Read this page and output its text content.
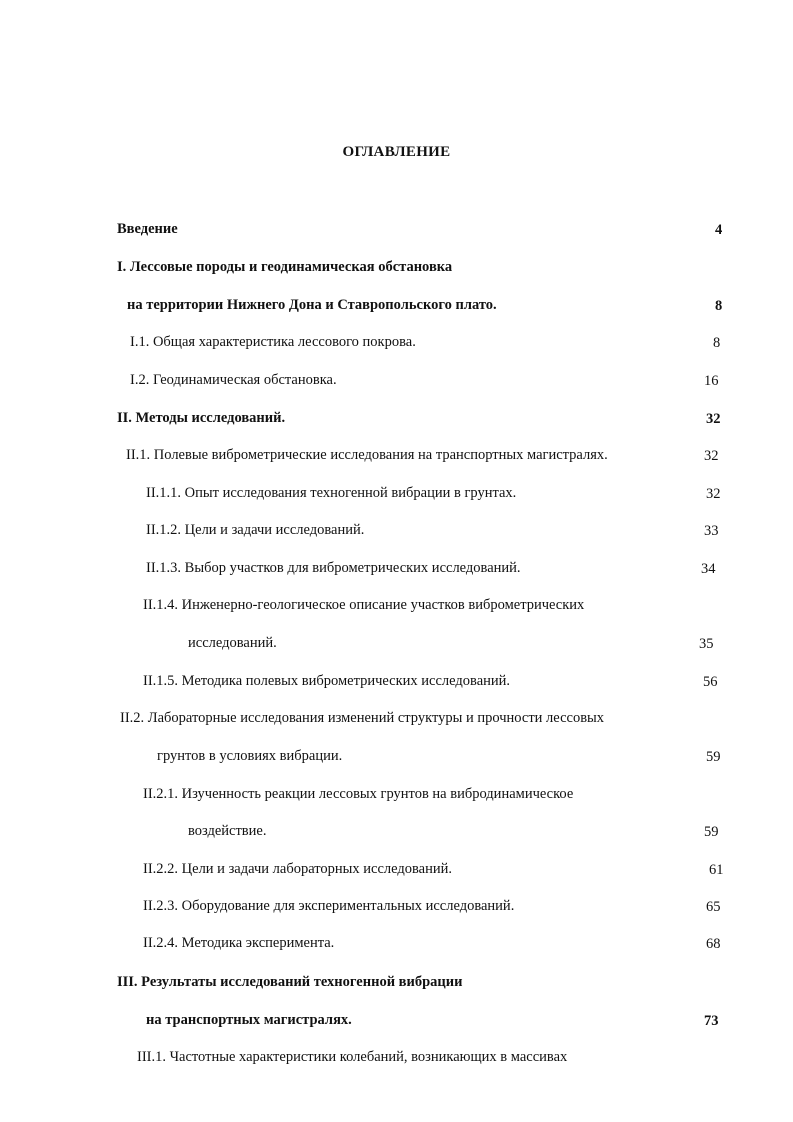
ОГЛАВЛЕНИЕ
Введение	4
I. Лессовые породы и геодинамическая обстановка
на территории Нижнего Дона и Ставропольского плато.	8
I.1. Общая характеристика лессового покрова.	8
I.2. Геодинамическая обстановка.	16
II. Методы исследований.	32
II.1. Полевые виброметрические исследования на транспортных магистралях.	32
II.1.1. Опыт исследования техногенной вибрации в грунтах.	32
II.1.2. Цели и задачи исследований.	33
II.1.3. Выбор участков для виброметрических исследований.	34
II.1.4. Инженерно-геологическое описание участков виброметрических
исследований.	35
II.1.5. Методика полевых виброметрических исследований.	56
II.2. Лабораторные исследования изменений структуры и прочности лессовых
грунтов в условиях вибрации.	59
II.2.1. Изученность реакции лессовых грунтов на вибродинамическое
воздействие.	59
II.2.2. Цели и задачи лабораторных исследований.	61
II.2.3. Оборудование для экспериментальных исследований.	65
II.2.4. Методика эксперимента.	68
III. Результаты исследований техногенной вибрации
на транспортных магистралях.	73
III.1. Частотные характеристики колебаний, возникающих в массивах
